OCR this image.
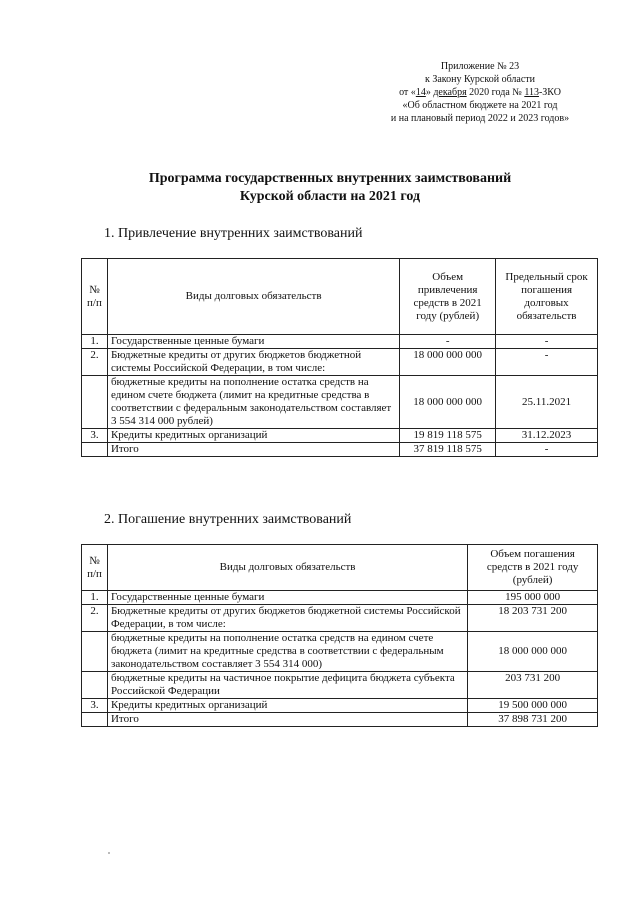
Приложение № 23
к Закону Курской области
от «14» декабря 2020 года № 113-ЗКО
«Об областном бюджете на 2021 год
и на плановый период 2022 и 2023 годов»
Программа государственных внутренних заимствований
Курской области на 2021 год
1. Привлечение внутренних заимствований
№ п/п	Виды долговых обязательств	Объем привлечения средств в 2021 году (рублей)	Предельный срок погашения долговых обязательств
1.	Государственные ценные бумаги	-	-
2.	Бюджетные кредиты от других бюджетов бюджетной системы Российской Федерации, в том числе:	18 000 000 000	-
	бюджетные кредиты на пополнение остатка средств на едином счете бюджета (лимит на кредитные средства в соответствии с федеральным законодательством составляет 3 554 314 000 рублей)	18 000 000 000	25.11.2021
3.	Кредиты кредитных организаций	19 819 118 575	31.12.2023
	Итого	37 819 118 575	-
2. Погашение внутренних заимствований
№ п/п	Виды долговых обязательств	Объем погашения средств в 2021 году (рублей)
1.	Государственные ценные бумаги	195 000 000
2.	Бюджетные кредиты от других бюджетов бюджетной системы Российской Федерации, в том числе:	18 203 731 200
	бюджетные кредиты на пополнение остатка средств на едином счете бюджета (лимит на кредитные средства в соответствии с федеральным законодательством составляет 3 554 314 000)	18 000 000 000
	бюджетные кредиты на частичное покрытие дефицита бюджета субъекта Российской Федерации	203 731 200
3.	Кредиты кредитных организаций	19 500 000 000
	Итого	37 898 731 200
